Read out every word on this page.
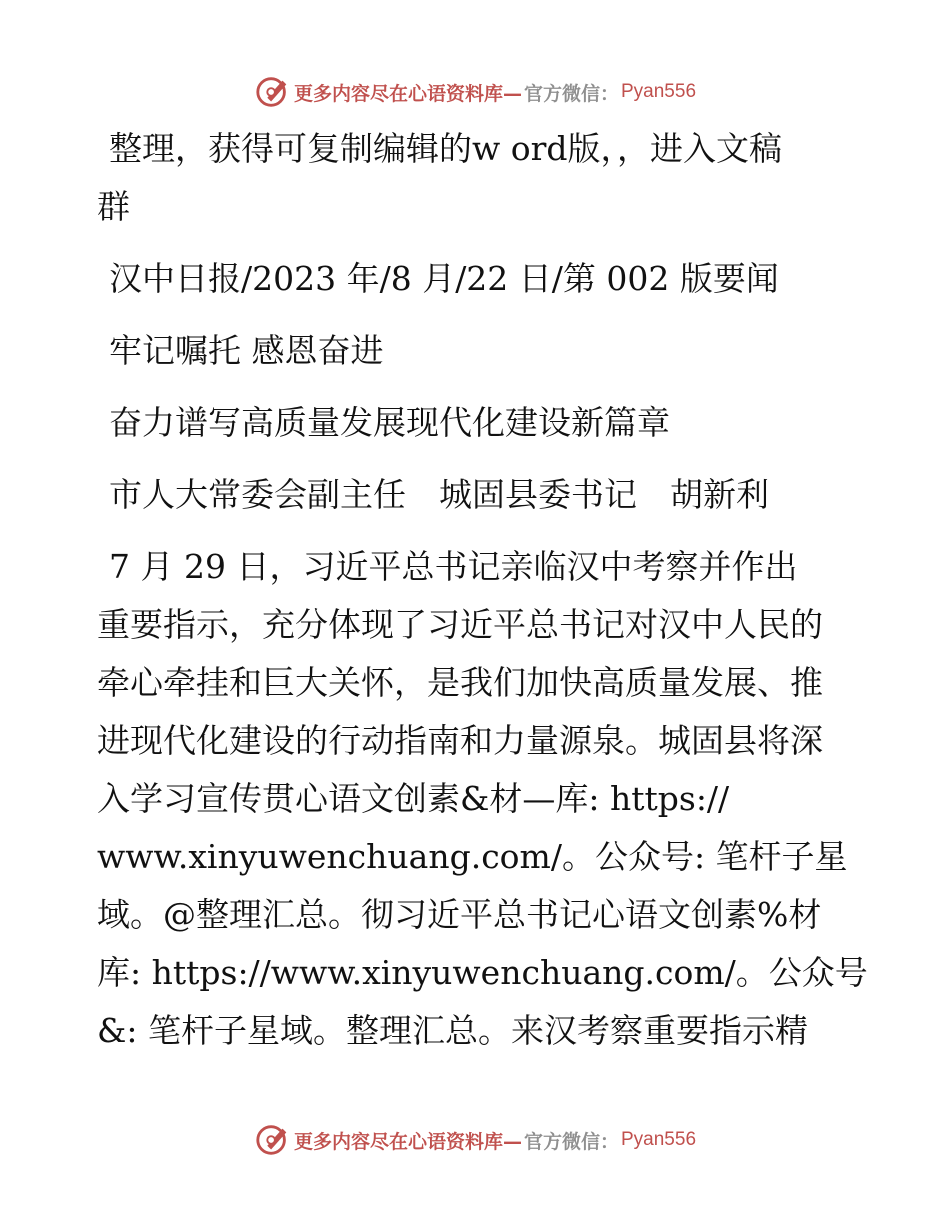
更多内容尽在心语资料库— 官方微信： Pyan556
整理，获得可复制编辑的w ord版，，进入文稿
群
汉中日报/2023 年/8 月/22 日/第 002 版要闻
牢记嘱托 感恩奋进
奋力谱写高质量发展现代化建设新篇章
市人大常委会副主任　城固县委书记　胡新利
7 月 29 日，习近平总书记亲临汉中考察并作出
重要指示，充分体现了习近平总书记对汉中人民的
牵心牵挂和巨大关怀，是我们加快高质量发展、推
进现代化建设的行动指南和力量源泉。城固县将深
入学习宣传贯心语文创素&材—库: https://
www.xinyuwenchuang.com/。公众号: 笔杆子星
域。@整理汇总。彻习近平总书记心语文创素%材
库: https://www.xinyuwenchuang.com/。公众号
&: 笔杆子星域。整理汇总。来汉考察重要指示精
更多内容尽在心语资料库— 官方微信： Pyan556
